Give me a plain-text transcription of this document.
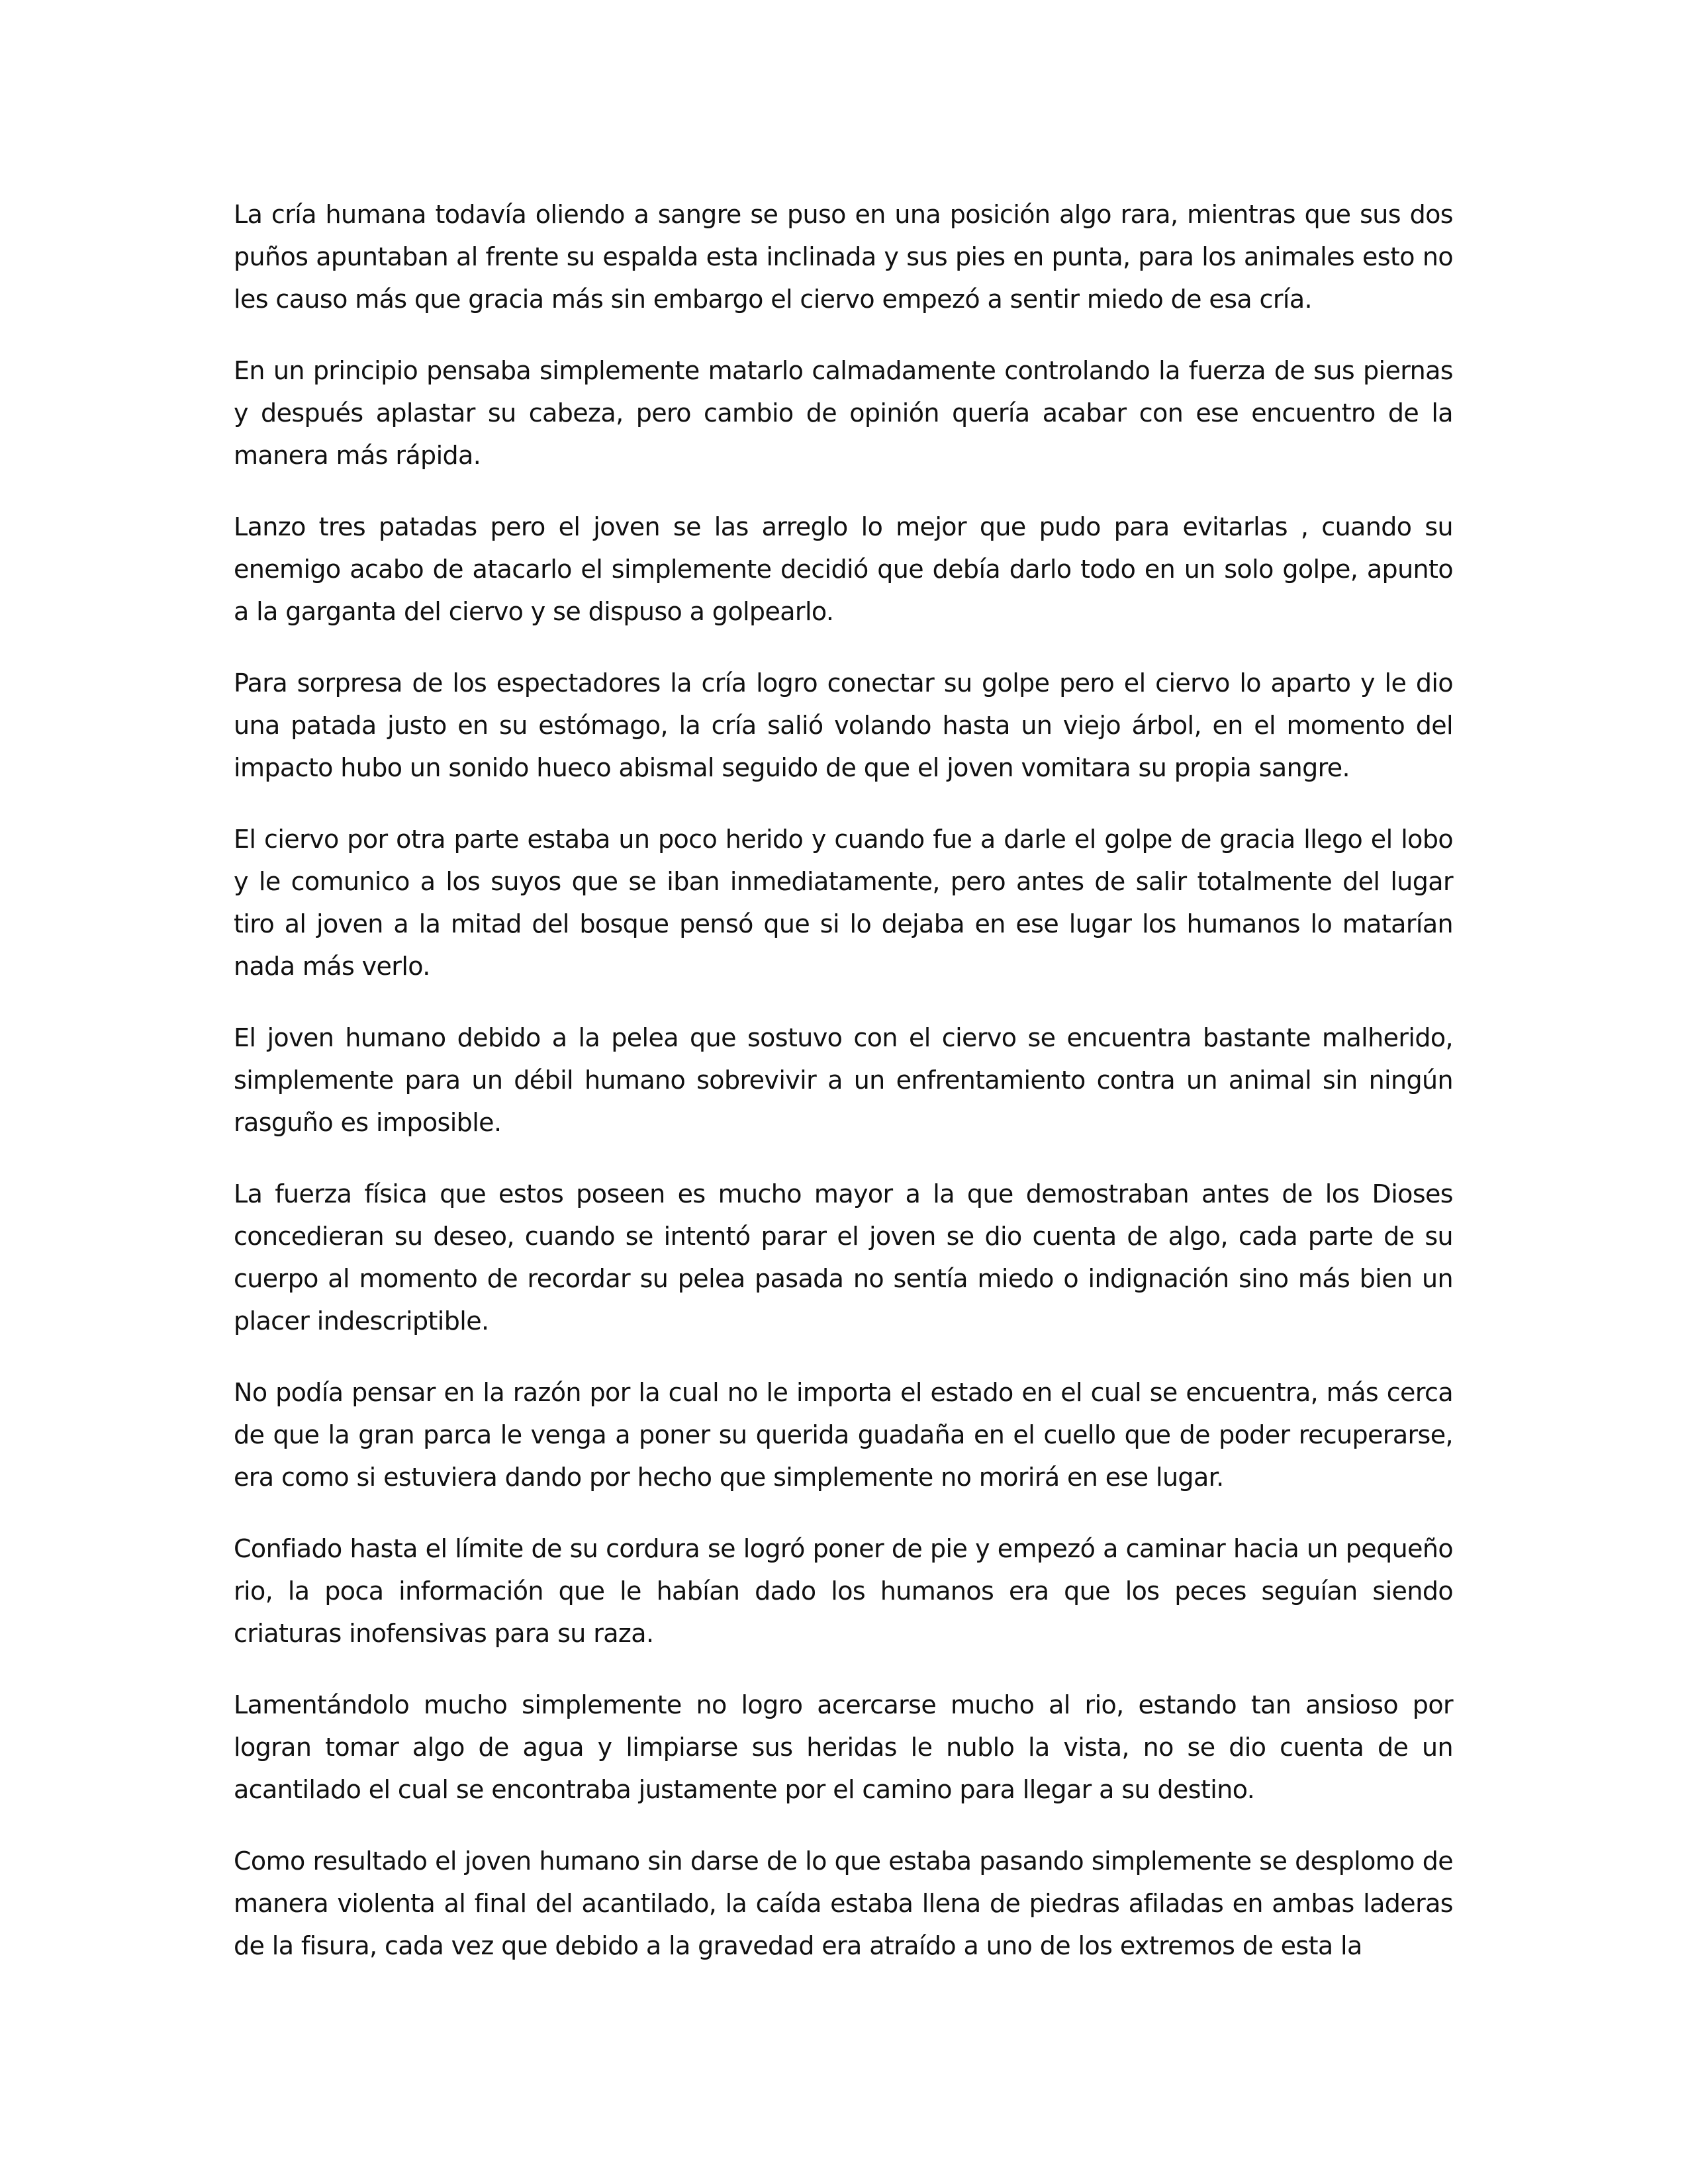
La cría humana todavía oliendo a sangre se puso en una posición algo rara, mientras que sus dos puños apuntaban al frente su espalda esta inclinada y sus pies en punta, para los animales esto no les causo más que gracia más sin embargo el ciervo empezó a sentir miedo de esa cría.

En un principio pensaba simplemente matarlo calmadamente controlando la fuerza de sus piernas y después aplastar su cabeza, pero cambio de opinión quería acabar con ese encuentro de la manera más rápida.

Lanzo tres patadas pero el joven se las arreglo lo mejor que pudo para evitarlas , cuando su enemigo acabo de atacarlo el simplemente decidió que debía darlo todo en un solo golpe, apunto a la garganta del ciervo y se dispuso a golpearlo.

Para sorpresa de los espectadores la cría logro conectar su golpe pero el ciervo lo aparto y le dio una patada justo en su estómago, la cría salió volando hasta un viejo árbol, en el momento del impacto hubo un sonido hueco abismal seguido de que el joven vomitara su propia sangre.

El ciervo por otra parte estaba un poco herido y cuando fue a darle el golpe de gracia llego el lobo y le comunico a los suyos que se iban inmediatamente, pero antes de salir totalmente del lugar tiro al joven a la mitad del bosque pensó que si lo dejaba en ese lugar los humanos lo matarían nada más verlo.

El joven humano debido a la pelea que sostuvo con el ciervo se encuentra bastante malherido, simplemente para un débil humano sobrevivir a un enfrentamiento contra un animal sin ningún rasguño es imposible.

La fuerza física que estos poseen es mucho mayor a la que demostraban antes de los Dioses concedieran su deseo, cuando se intentó parar el joven se dio cuenta de algo, cada parte de su cuerpo al momento de recordar su pelea pasada no sentía miedo o indignación sino más bien un placer indescriptible.

No podía pensar en la razón por la cual no le importa el estado en el cual se encuentra, más cerca de que la gran parca le venga a poner su querida guadaña en el cuello que de poder recuperarse, era como si estuviera dando por hecho que simplemente no morirá en ese lugar.

Confiado hasta el límite de su cordura se logró poner de pie y empezó a caminar hacia un pequeño rio, la poca información que le habían dado los humanos era que los peces seguían siendo criaturas inofensivas para su raza.

Lamentándolo mucho simplemente no logro acercarse mucho al rio, estando tan ansioso por logran tomar algo de agua y limpiarse sus heridas le nublo la vista, no se dio cuenta de un acantilado el cual se encontraba justamente por el camino para llegar a su destino.

Como resultado el joven humano sin darse de lo que estaba pasando simplemente se desplomo de manera violenta al final del acantilado, la caída estaba llena de piedras afiladas en ambas laderas de la fisura, cada vez que debido a la gravedad era atraído a uno de los extremos de esta la
